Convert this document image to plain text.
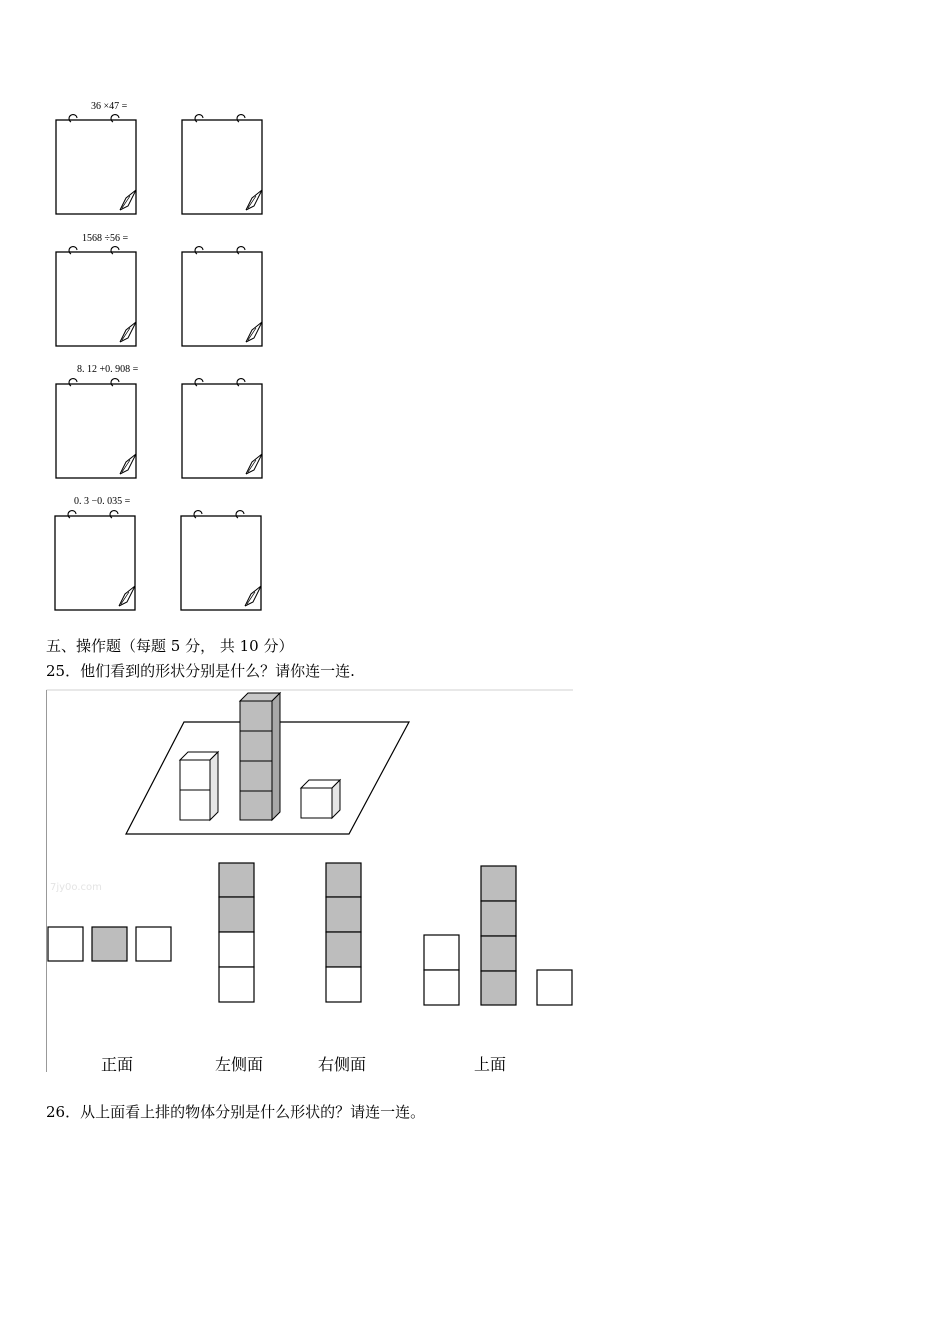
36 ×47 =
1568 ÷56 =
8. 12 +0. 908 =
0. 3 −0. 035 =
五、操作题（每题 5 分， 共 10 分）
25．他们看到的形状分别是什么？请你连一连.
7jy0o.com
正面	左侧面	右侧面	上面
26．从上面看上排的物体分别是什么形状的？请连一连。
